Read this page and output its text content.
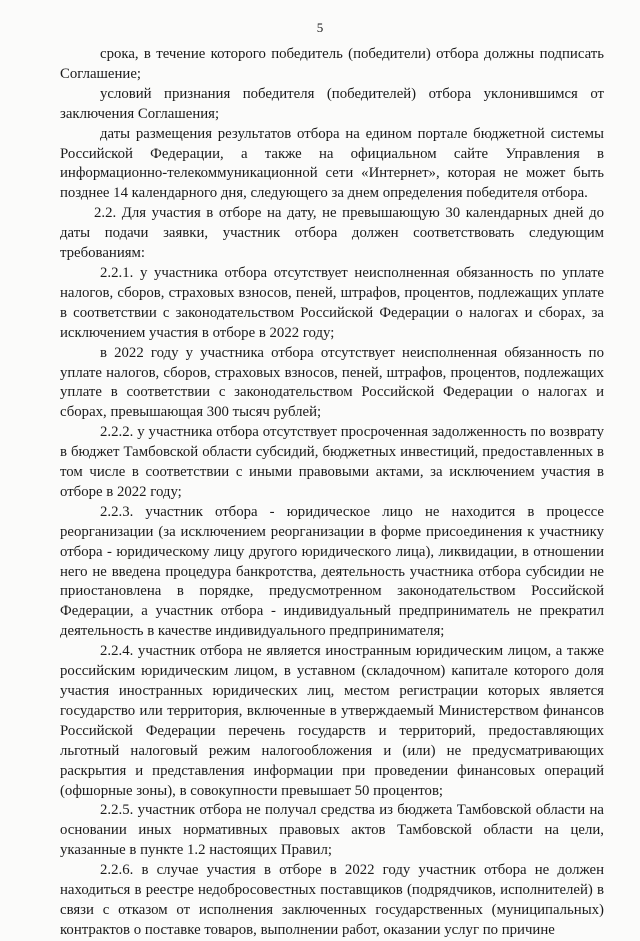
5

срока, в течение которого победитель (победители) отбора должны подписать Соглашение;

условий признания победителя (победителей) отбора уклонившимся от заключения Соглашения;

даты размещения результатов отбора на едином портале бюджетной системы Российской Федерации, а также на официальном сайте Управления в информационно-телекоммуникационной сети «Интернет», которая не может быть позднее 14 календарного дня, следующего за днем определения победителя отбора.

2.2. Для участия в отборе на дату, не превышающую 30 календарных дней до даты подачи заявки, участник отбора должен соответствовать следующим требованиям:

2.2.1. у участника отбора отсутствует неисполненная обязанность по уплате налогов, сборов, страховых взносов, пеней, штрафов, процентов, подлежащих уплате в соответствии с законодательством Российской Федерации о налогах и сборах, за исключением участия в отборе в 2022 году;

в 2022 году у участника отбора отсутствует неисполненная обязанность по уплате налогов, сборов, страховых взносов, пеней, штрафов, процентов, подлежащих уплате в соответствии с законодательством Российской Федерации о налогах и сборах, превышающая 300 тысяч рублей;

2.2.2. у участника отбора отсутствует просроченная задолженность по возврату в бюджет Тамбовской области субсидий, бюджетных инвестиций, предоставленных в том числе в соответствии с иными правовыми актами, за исключением участия в отборе в 2022 году;

2.2.3. участник отбора - юридическое лицо не находится в процессе реорганизации (за исключением реорганизации в форме присоединения к участнику отбора - юридическому лицу другого юридического лица), ликвидации, в отношении него не введена процедура банкротства, деятельность участника отбора субсидии не приостановлена в порядке, предусмотренном законодательством Российской Федерации, а участник отбора - индивидуальный предприниматель не прекратил деятельность в качестве индивидуального предпринимателя;

2.2.4. участник отбора не является иностранным юридическим лицом, а также российским юридическим лицом, в уставном (складочном) капитале которого доля участия иностранных юридических лиц, местом регистрации которых является государство или территория, включенные в утверждаемый Министерством финансов Российской Федерации перечень государств и территорий, предоставляющих льготный налоговый режим налогообложения и (или) не предусматривающих раскрытия и представления информации при проведении финансовых операций (офшорные зоны), в совокупности превышает 50 процентов;

2.2.5. участник отбора не получал средства из бюджета Тамбовской области на основании иных нормативных правовых актов Тамбовской области на цели, указанные в пункте 1.2 настоящих Правил;

2.2.6. в случае участия в отборе в 2022 году участник отбора не должен находиться в реестре недобросовестных поставщиков (подрядчиков, исполнителей) в связи с отказом от исполнения заключенных государственных (муниципальных) контрактов о поставке товаров, выполнении работ, оказании услуг по причине
